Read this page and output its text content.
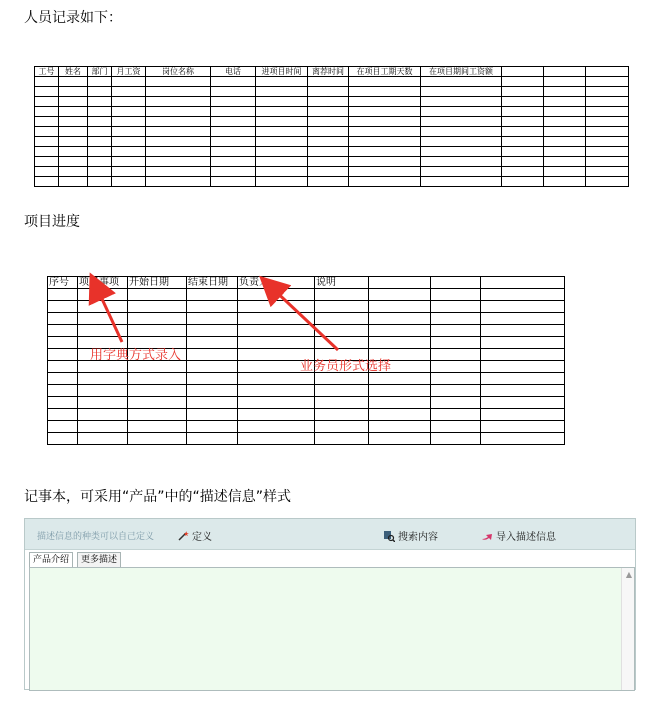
人员记录如下：
工号	姓名	部门	月工资	岗位名称	电话	进项目时间	离荐时间	在项目工期天数	在项目期间工资额			

项目进度
序号	项目事项	开始日期	结束日期	负责人	说明			

用字典方式录入
业务员形式选择
记事本，可采用“产品”中的“描述信息”样式
描述信息的种类可以自己定义	定义	搜索内容	导入描述信息
产品介绍	更多描述
▲
